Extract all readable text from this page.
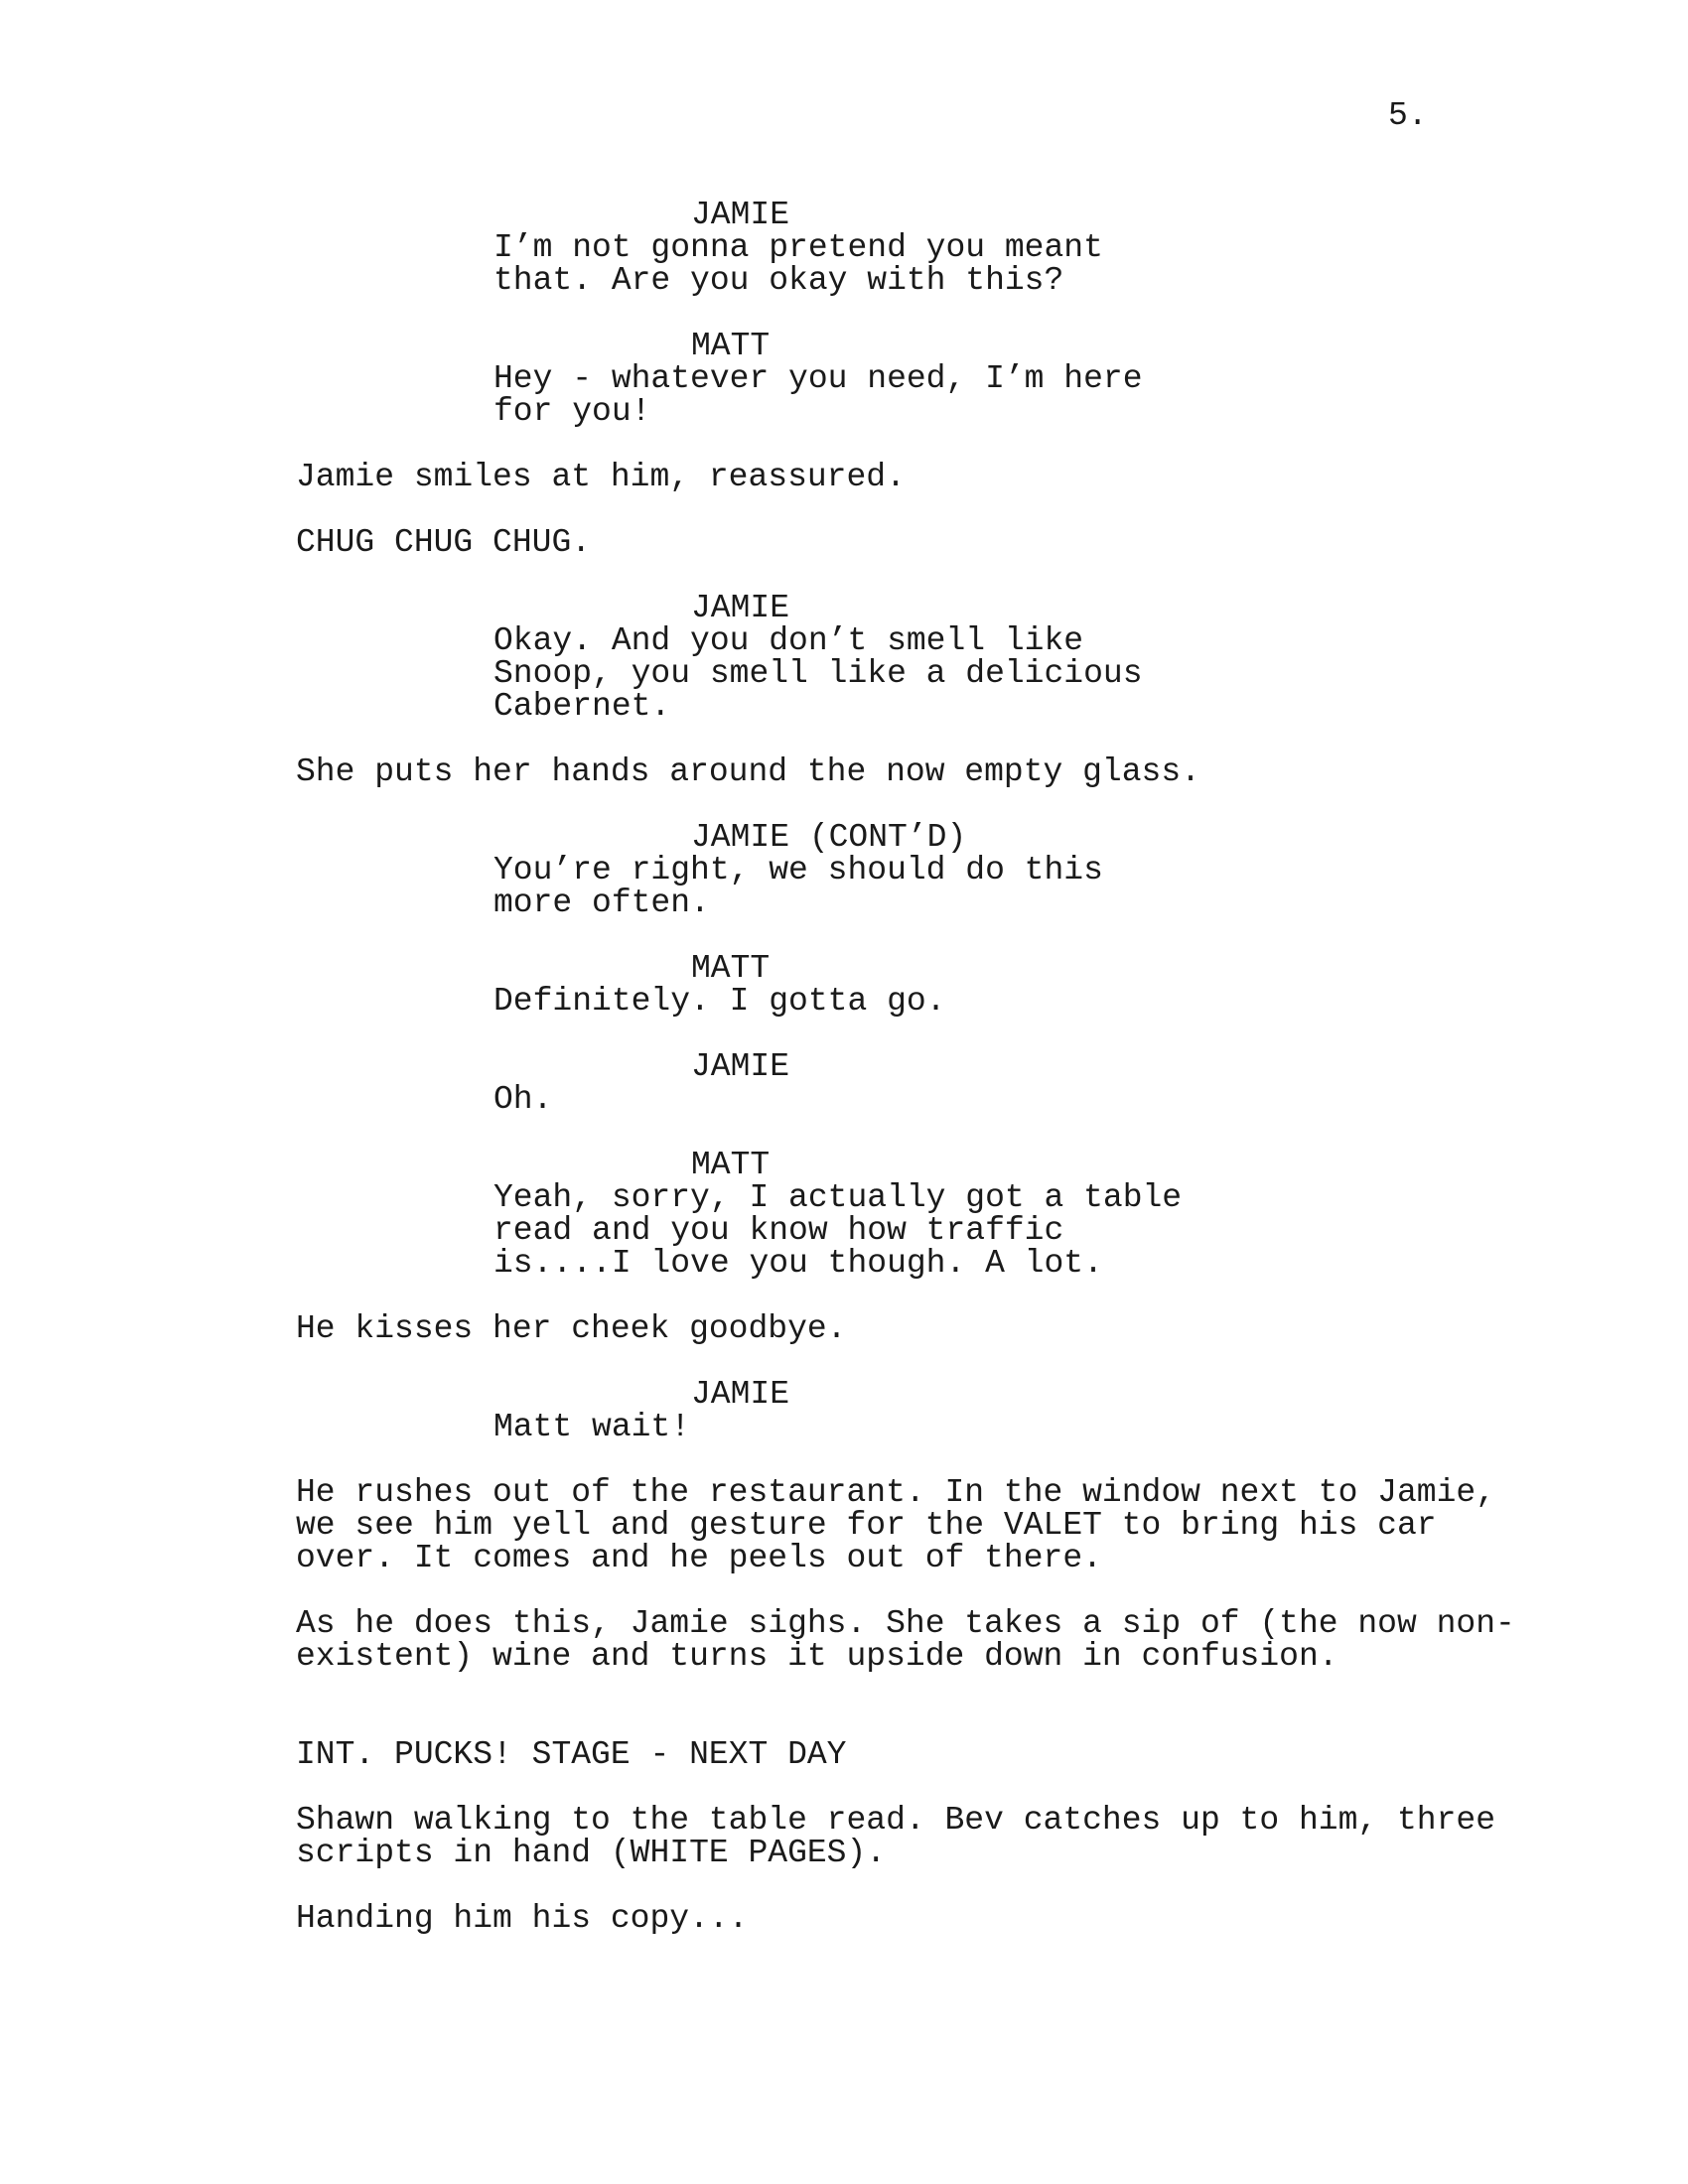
5.
JAMIE
I’m not gonna pretend you meant
that. Are you okay with this?
MATT
Hey - whatever you need, I’m here
for you!
Jamie smiles at him, reassured.
CHUG CHUG CHUG.
JAMIE
Okay. And you don’t smell like
Snoop, you smell like a delicious
Cabernet.
She puts her hands around the now empty glass.
JAMIE (CONT’D)
You’re right, we should do this
more often.
MATT
Definitely. I gotta go.
JAMIE
Oh.
MATT
Yeah, sorry, I actually got a table
read and you know how traffic
is....I love you though. A lot.
He kisses her cheek goodbye.
JAMIE
Matt wait!
He rushes out of the restaurant. In the window next to Jamie,
we see him yell and gesture for the VALET to bring his car
over. It comes and he peels out of there.
As he does this, Jamie sighs. She takes a sip of (the now non-
existent) wine and turns it upside down in confusion.
INT. PUCKS! STAGE - NEXT DAY
Shawn walking to the table read. Bev catches up to him, three
scripts in hand (WHITE PAGES).
Handing him his copy...
